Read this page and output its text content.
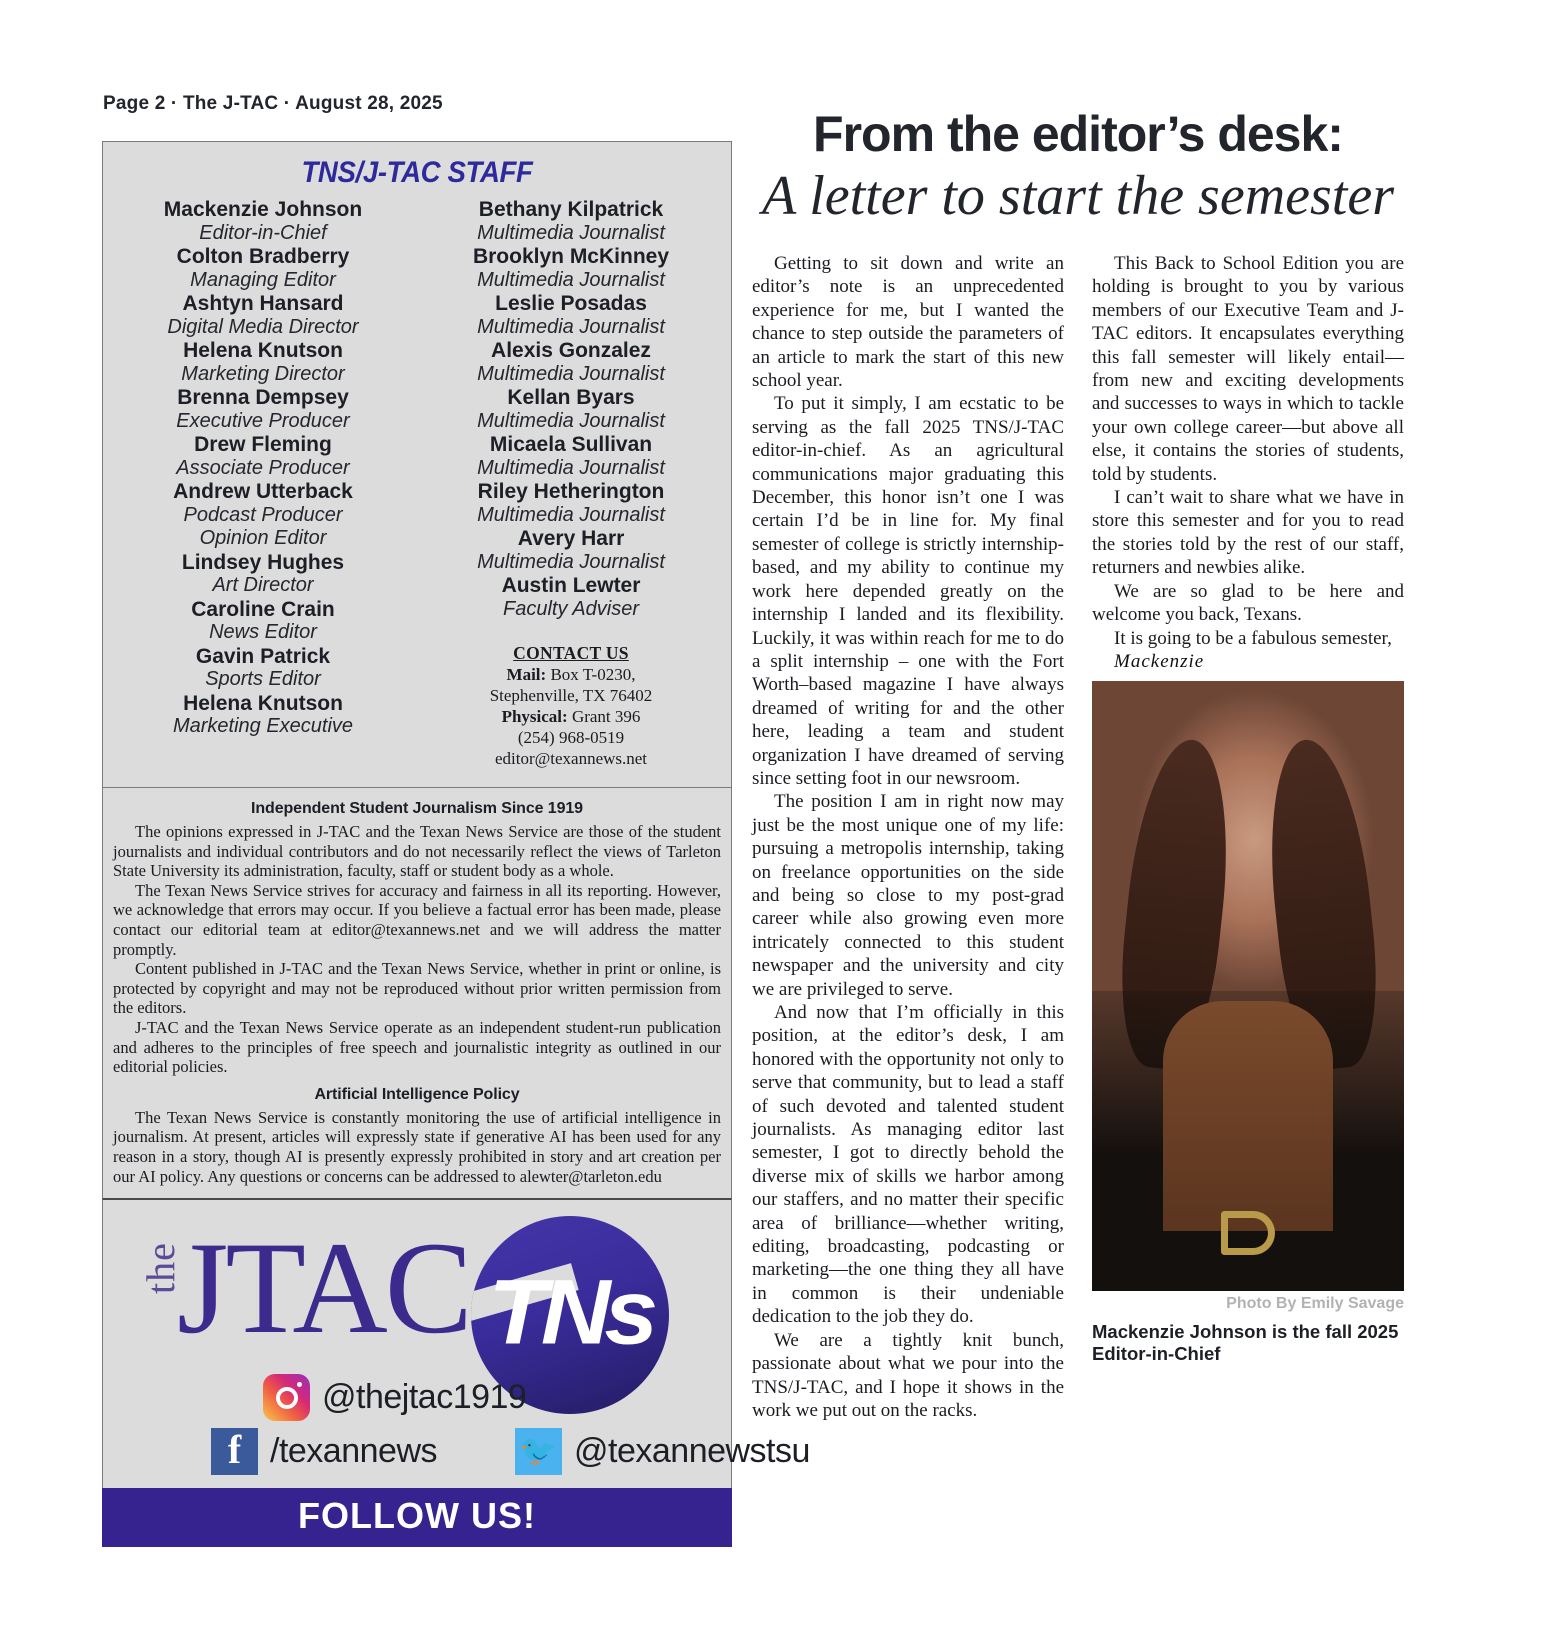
Page 2 · The J-TAC · August 28, 2025
TNS/J-TAC STAFF
Mackenzie Johnson
Editor-in-Chief
Colton Bradberry
Managing Editor
Ashtyn Hansard
Digital Media Director
Helena Knutson
Marketing Director
Brenna Dempsey
Executive Producer
Drew Fleming
Associate Producer
Andrew Utterback
Podcast Producer
Opinion Editor
Lindsey Hughes
Art Director
Caroline Crain
News Editor
Gavin Patrick
Sports Editor
Helena Knutson
Marketing Executive
Bethany Kilpatrick
Multimedia Journalist
Brooklyn McKinney
Multimedia Journalist
Leslie Posadas
Multimedia Journalist
Alexis Gonzalez
Multimedia Journalist
Kellan Byars
Multimedia Journalist
Micaela Sullivan
Multimedia Journalist
Riley Hetherington
Multimedia Journalist
Avery Harr
Multimedia Journalist
Austin Lewter
Faculty Adviser
CONTACT US
Mail: Box T-0230,
Stephenville, TX 76402
Physical: Grant 396
(254) 968-0519
editor@texannews.net
Independent Student Journalism Since 1919

The opinions expressed in J-TAC and the Texan News Service are those of the student journalists and individual contributors and do not necessarily reflect the views of Tarleton State University its administration, faculty, staff or student body as a whole.

The Texan News Service strives for accuracy and fairness in all its reporting. However, we acknowledge that errors may occur. If you believe a factual error has been made, please contact our editorial team at editor@texannews.net and we will address the matter promptly.

Content published in J-TAC and the Texan News Service, whether in print or online, is protected by copyright and may not be reproduced without prior written permission from the editors.

J-TAC and the Texan News Service operate as an independent student-run publication and adheres to the principles of free speech and journalistic integrity as outlined in our editorial policies.

Artificial Intelligence Policy

The Texan News Service is constantly monitoring the use of artificial intelligence in journalism. At present, articles will expressly state if generative AI has been used for any reason in a story, though AI is presently expressly prohibited in story and art creation per our AI policy. Any questions or concerns can be addressed to alewter@tarleton.edu

the
JTAC TNs
@thejtac1919
f /texannews	🐦 @texannewstsu
FOLLOW US!
From the editor’s desk:
A letter to start the semester

Getting to sit down and write an editor’s note is an unprecedented experience for me, but I wanted the chance to step outside the parameters of an article to mark the start of this new school year.

To put it simply, I am ecstatic to be serving as the fall 2025 TNS/J-TAC editor-in-chief. As an agricultural communications major graduating this December, this honor isn’t one I was certain I’d be in line for. My final semester of college is strictly internship-based, and my ability to continue my work here depended greatly on the internship I landed and its flexibility. Luckily, it was within reach for me to do a split internship – one with the Fort Worth–based magazine I have always dreamed of writing for and the other here, leading a team and student organization I have dreamed of serving since setting foot in our newsroom.

The position I am in right now may just be the most unique one of my life: pursuing a metropolis internship, taking on freelance opportunities on the side and being so close to my post-grad career while also growing even more intricately connected to this student newspaper and the university and city we are privileged to serve.

And now that I’m officially in this position, at the editor’s desk, I am honored with the opportunity not only to serve that community, but to lead a staff of such devoted and talented student journalists. As managing editor last semester, I got to directly behold the diverse mix of skills we harbor among our staffers, and no matter their specific area of brilliance—whether writing, editing, broadcasting, podcasting or marketing—the one thing they all have in common is their undeniable dedication to the job they do.

We are a tightly knit bunch, passionate about what we pour into the TNS/J-TAC, and I hope it shows in the work we put out on the racks.

This Back to School Edition you are holding is brought to you by various members of our Executive Team and J-TAC editors. It encapsulates everything this fall semester will likely entail—from new and exciting developments and successes to ways in which to tackle your own college career—but above all else, it contains the stories of students, told by students.

I can’t wait to share what we have in store this semester and for you to read the stories told by the rest of our staff, returners and newbies alike.

We are so glad to be here and welcome you back, Texans.

It is going to be a fabulous semester,

Mackenzie

Photo By Emily Savage
Mackenzie Johnson is the fall 2025 Editor-in-Chief
